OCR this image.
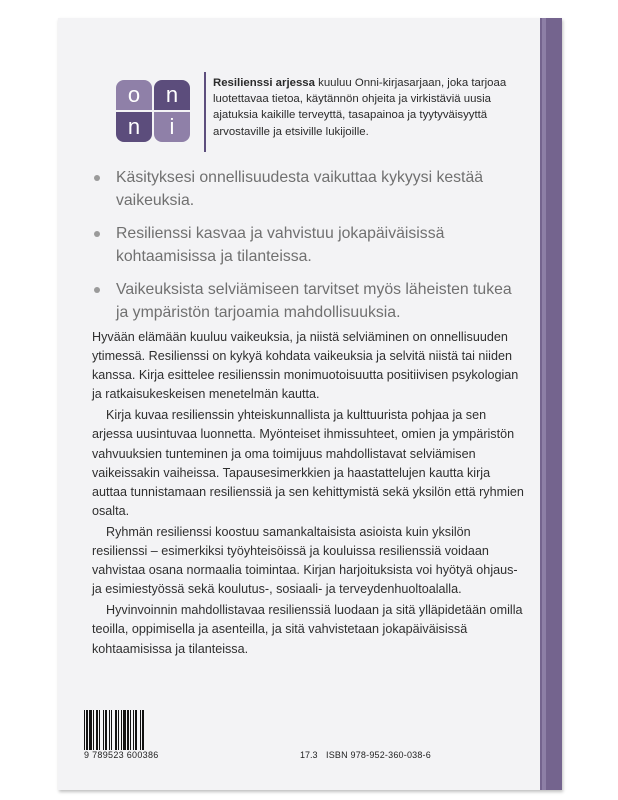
o	n
n	i
Resilienssi arjessa kuuluu Onni-kirjasarjaan, joka tarjoaa luotettavaa tietoa, käytännön ohjeita ja virkistäviä uusia ajatuksia kaikille terveyttä, tasapainoa ja tyytyväisyyttä arvostaville ja etsiville lukijoille.
Käsityksesi onnellisuudesta vaikuttaa kykyysi kestää vaikeuksia.
Resilienssi kasvaa ja vahvistuu jokapäiväisissä kohtaamisissa ja tilanteissa.
Vaikeuksista selviämiseen tarvitset myös läheisten tukea ja ympäristön tarjoamia mahdollisuuksia.

Hyvään elämään kuuluu vaikeuksia, ja niistä selviäminen on onnellisuuden ytimessä. Resilienssi on kykyä kohdata vaikeuksia ja selvitä niistä tai niiden kanssa. Kirja esittelee resilienssin monimuotoisuutta positiivisen psykologian ja ratkaisukeskeisen menetelmän kautta.

Kirja kuvaa resilienssin yhteiskunnallista ja kulttuurista pohjaa ja sen arjessa uusintuvaa luonnetta. Myönteiset ihmissuhteet, omien ja ympäristön vahvuuksien tunteminen ja oma toimijuus mahdollistavat selviämisen vaikeissakin vaiheissa. Tapausesimerkkien ja haastattelujen kautta kirja auttaa tunnistamaan resilienssiä ja sen kehittymistä sekä yksilön että ryhmien osalta.

Ryhmän resilienssi koostuu samankaltaisista asioista kuin yksilön resilienssi – esimerkiksi työyhteisöissä ja kouluissa resilienssiä voidaan vahvistaa osana normaalia toimintaa. Kirjan harjoituksista voi hyötyä ohjaus- ja esimiestyössä sekä koulutus-, sosiaali- ja terveydenhuoltoalalla.

Hyvinvoinnin mahdollistavaa resilienssiä luodaan ja sitä ylläpidetään omilla teoilla, oppimisella ja asenteilla, ja sitä vahvistetaan jokapäiväisissä kohtaamisissa ja tilanteissa.

9 789523 600386	17.3 ISBN 978-952-360-038-6
